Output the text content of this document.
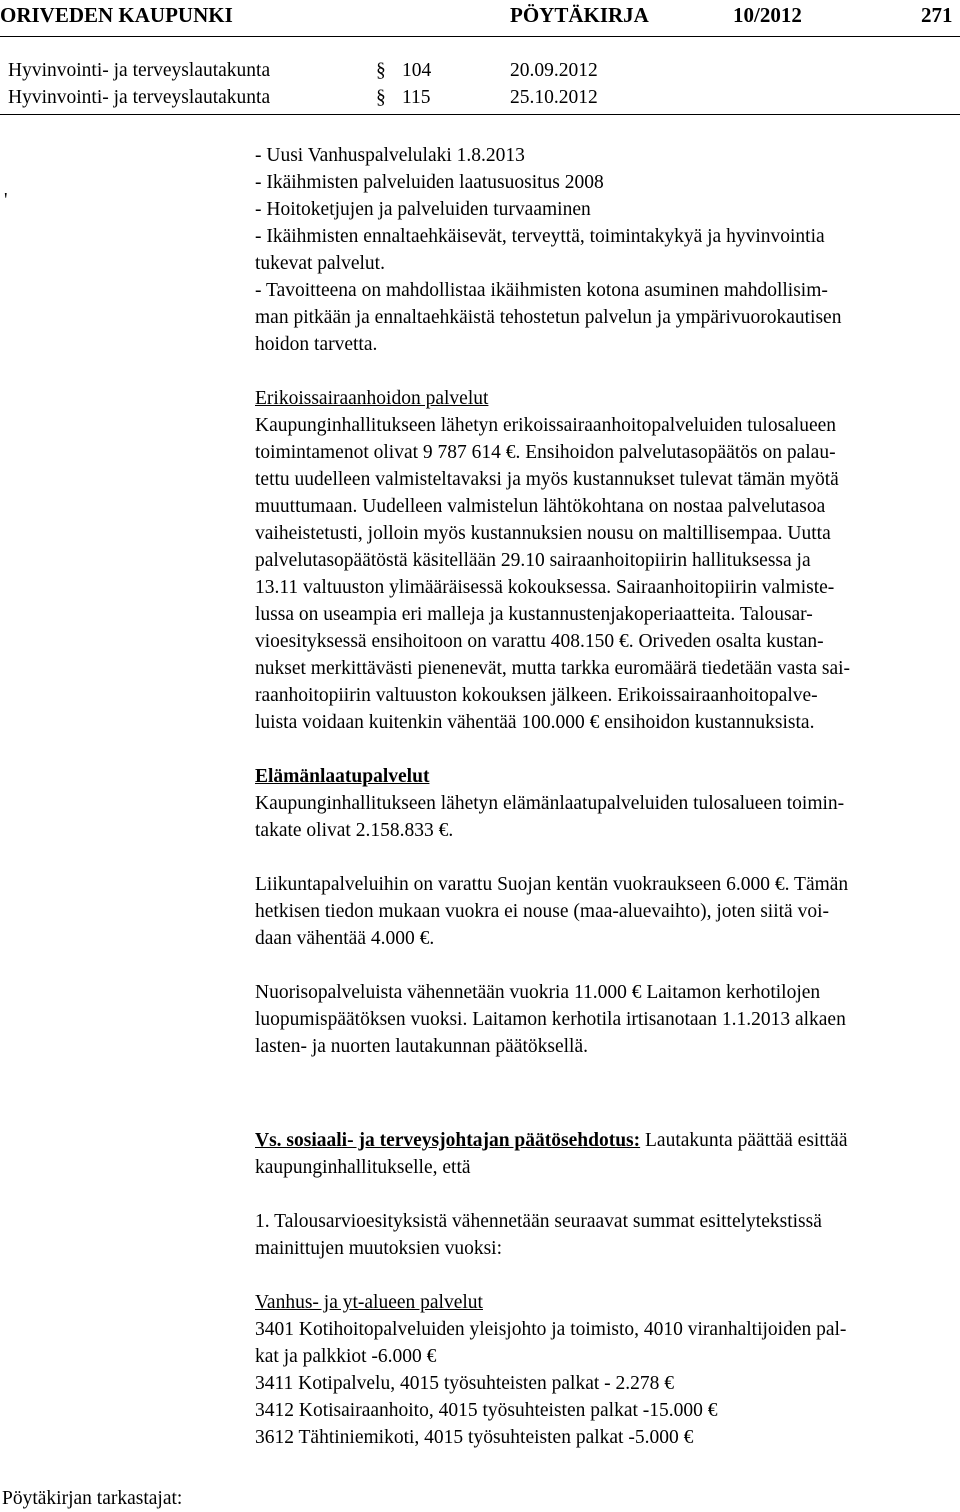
ORIVEDEN KAUPUNKI	PÖYTÄKIRJA	10/2012	271
Hyvinvointi- ja terveyslautakunta	§ 104	20.09.2012
Hyvinvointi- ja terveyslautakunta	§ 115	25.10.2012
'
- Uusi Vanhuspalvelulaki 1.8.2013
- Ikäihmisten palveluiden laatusuositus 2008
- Hoitoketjujen ja palveluiden turvaaminen
- Ikäihmisten ennaltaehkäisevät, terveyttä, toimintakykyä ja hyvinvointia
tukevat palvelut.
- Tavoitteena on mahdollistaa ikäihmisten kotona asuminen mahdollisim-
man pitkään ja ennaltaehkäistä tehostetun palvelun ja ympärivuorokautisen
hoidon tarvetta.
Erikoissairaanhoidon palvelut
Kaupunginhallitukseen lähetyn erikoissairaanhoitopalveluiden tulosalueen
toimintamenot olivat 9 787 614 €. Ensihoidon palvelutasopäätös on palau-
tettu uudelleen valmisteltavaksi ja myös kustannukset tulevat tämän myötä
muuttumaan. Uudelleen valmistelun lähtökohtana on nostaa palvelutasoa
vaiheistetusti, jolloin myös kustannuksien nousu on maltillisempaa. Uutta
palvelutasopäätöstä käsitellään 29.10 sairaanhoitopiirin hallituksessa ja
13.11 valtuuston ylimääräisessä kokouksessa. Sairaanhoitopiirin valmiste-
lussa on useampia eri malleja ja kustannustenjakoperiaatteita. Talousar-
vioesityksessä ensihoitoon on varattu 408.150 €. Oriveden osalta kustan-
nukset merkittävästi pienenevät, mutta tarkka euromäärä tiedetään vasta sai-
raanhoitopiirin valtuuston kokouksen jälkeen. Erikoissairaanhoitopalve-
luista voidaan kuitenkin vähentää 100.000 € ensihoidon kustannuksista.
Elämänlaatupalvelut
Kaupunginhallitukseen lähetyn elämänlaatupalveluiden tulosalueen toimin-
takate olivat 2.158.833 €.
Liikuntapalveluihin on varattu Suojan kentän vuokraukseen 6.000 €. Tämän
hetkisen tiedon mukaan vuokra ei nouse (maa-aluevaihto), joten siitä voi-
daan vähentää 4.000 €.
Nuorisopalveluista vähennetään vuokria 11.000 € Laitamon kerhotilojen
luopumispäätöksen vuoksi. Laitamon kerhotila irtisanotaan 1.1.2013 alkaen
lasten- ja nuorten lautakunnan päätöksellä.
Vs. sosiaali- ja terveysjohtajan päätösehdotus: Lautakunta päättää esittää
kaupunginhallitukselle, että
1. Talousarvioesityksistä vähennetään seuraavat summat esittelytekstissä
mainittujen muutoksien vuoksi:
Vanhus- ja yt-alueen palvelut
3401 Kotihoitopalveluiden yleisjohto ja toimisto, 4010 viranhaltijoiden pal-
kat ja palkkiot -6.000 €
3411 Kotipalvelu, 4015 työsuhteisten palkat - 2.278 €
3412 Kotisairaanhoito, 4015 työsuhteisten palkat -15.000 €
3612 Tähtiniemikoti, 4015 työsuhteisten palkat -5.000 €
Pöytäkirjan tarkastajat:
